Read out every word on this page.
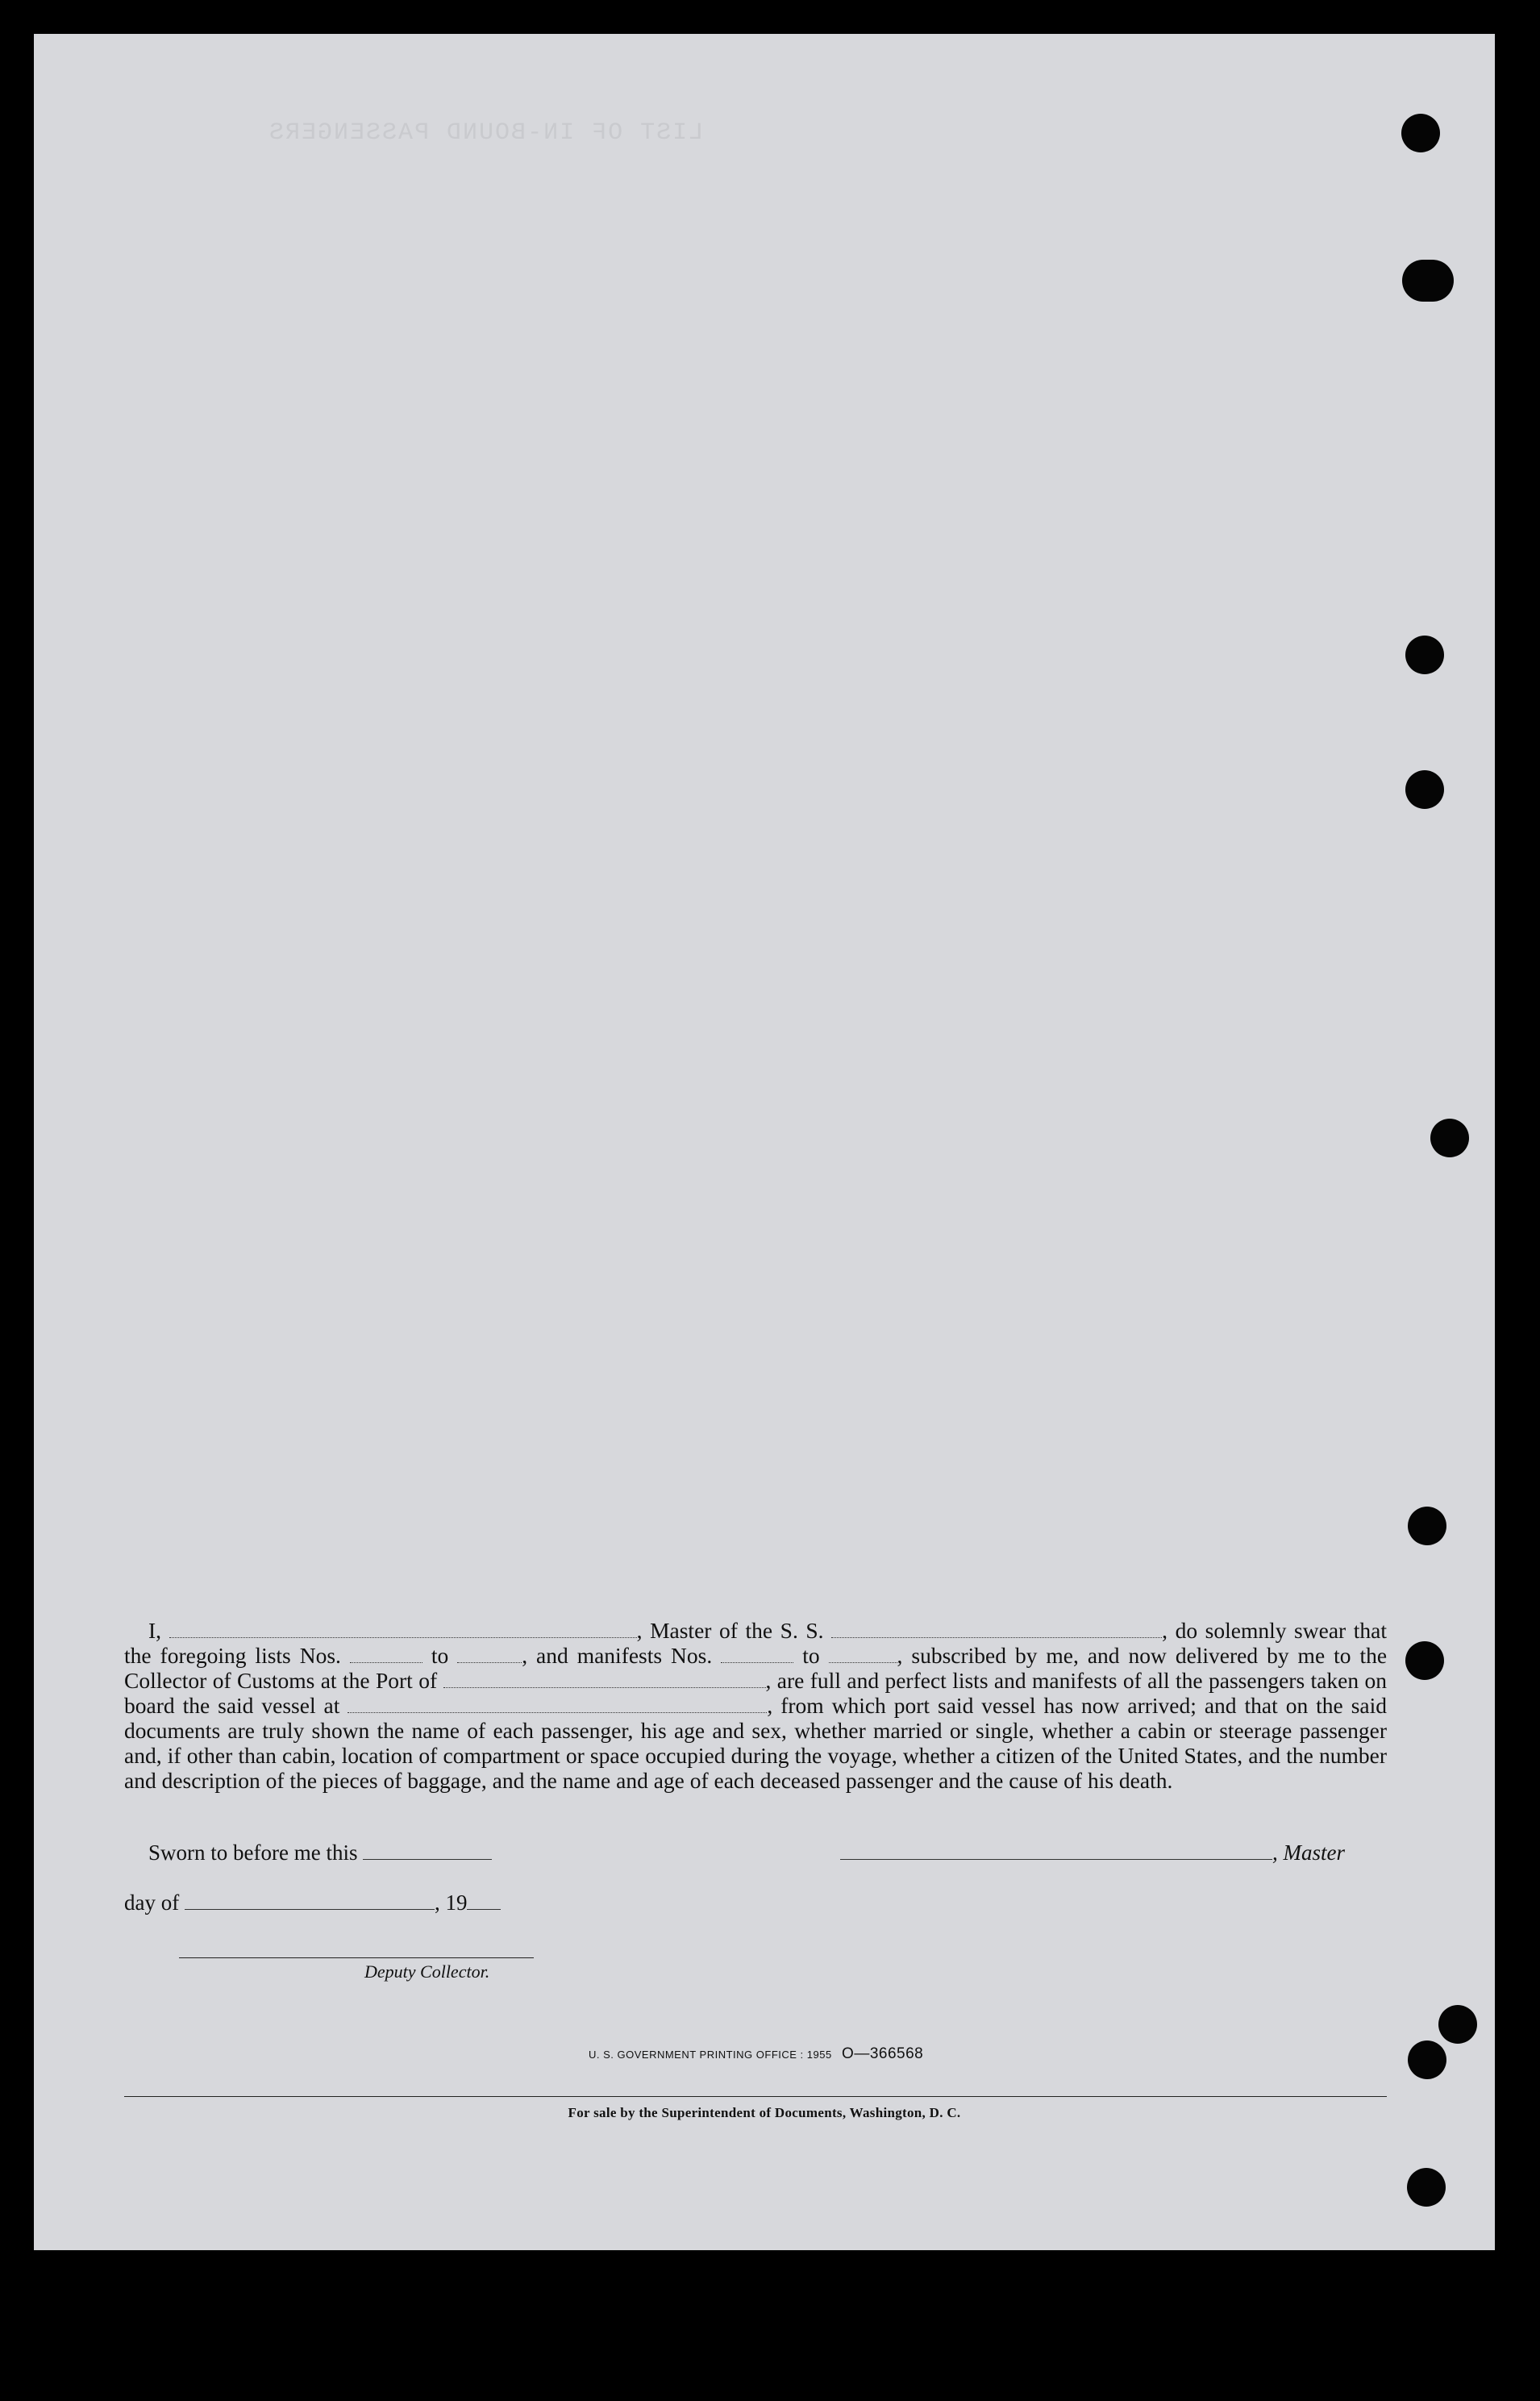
LIST OF IN-BOUND PASSENGERS
I,	, Master of the S. S.	, do solemnly swear that the foregoing lists Nos.	to	, and manifests Nos.	to	, subscribed by me, and now delivered by me to the Collector of Customs at the Port of	, are full and perfect lists and manifests of all the passengers taken on board the said vessel at	, from which port said vessel has now arrived; and that on the said documents are truly shown the name of each passenger, his age and sex, whether married or single, whether a cabin or steerage passenger and, if other than cabin, location of compartment or space occupied during the voyage, whether a citizen of the United States, and the number and description of the pieces of baggage, and the name and age of each deceased passenger and the cause of his death.
Sworn to before me this	, Master
day of	, 19
Deputy Collector.
U. S. GOVERNMENT PRINTING OFFICE : 1955 O—366568
For sale by the Superintendent of Documents, Washington, D. C.
